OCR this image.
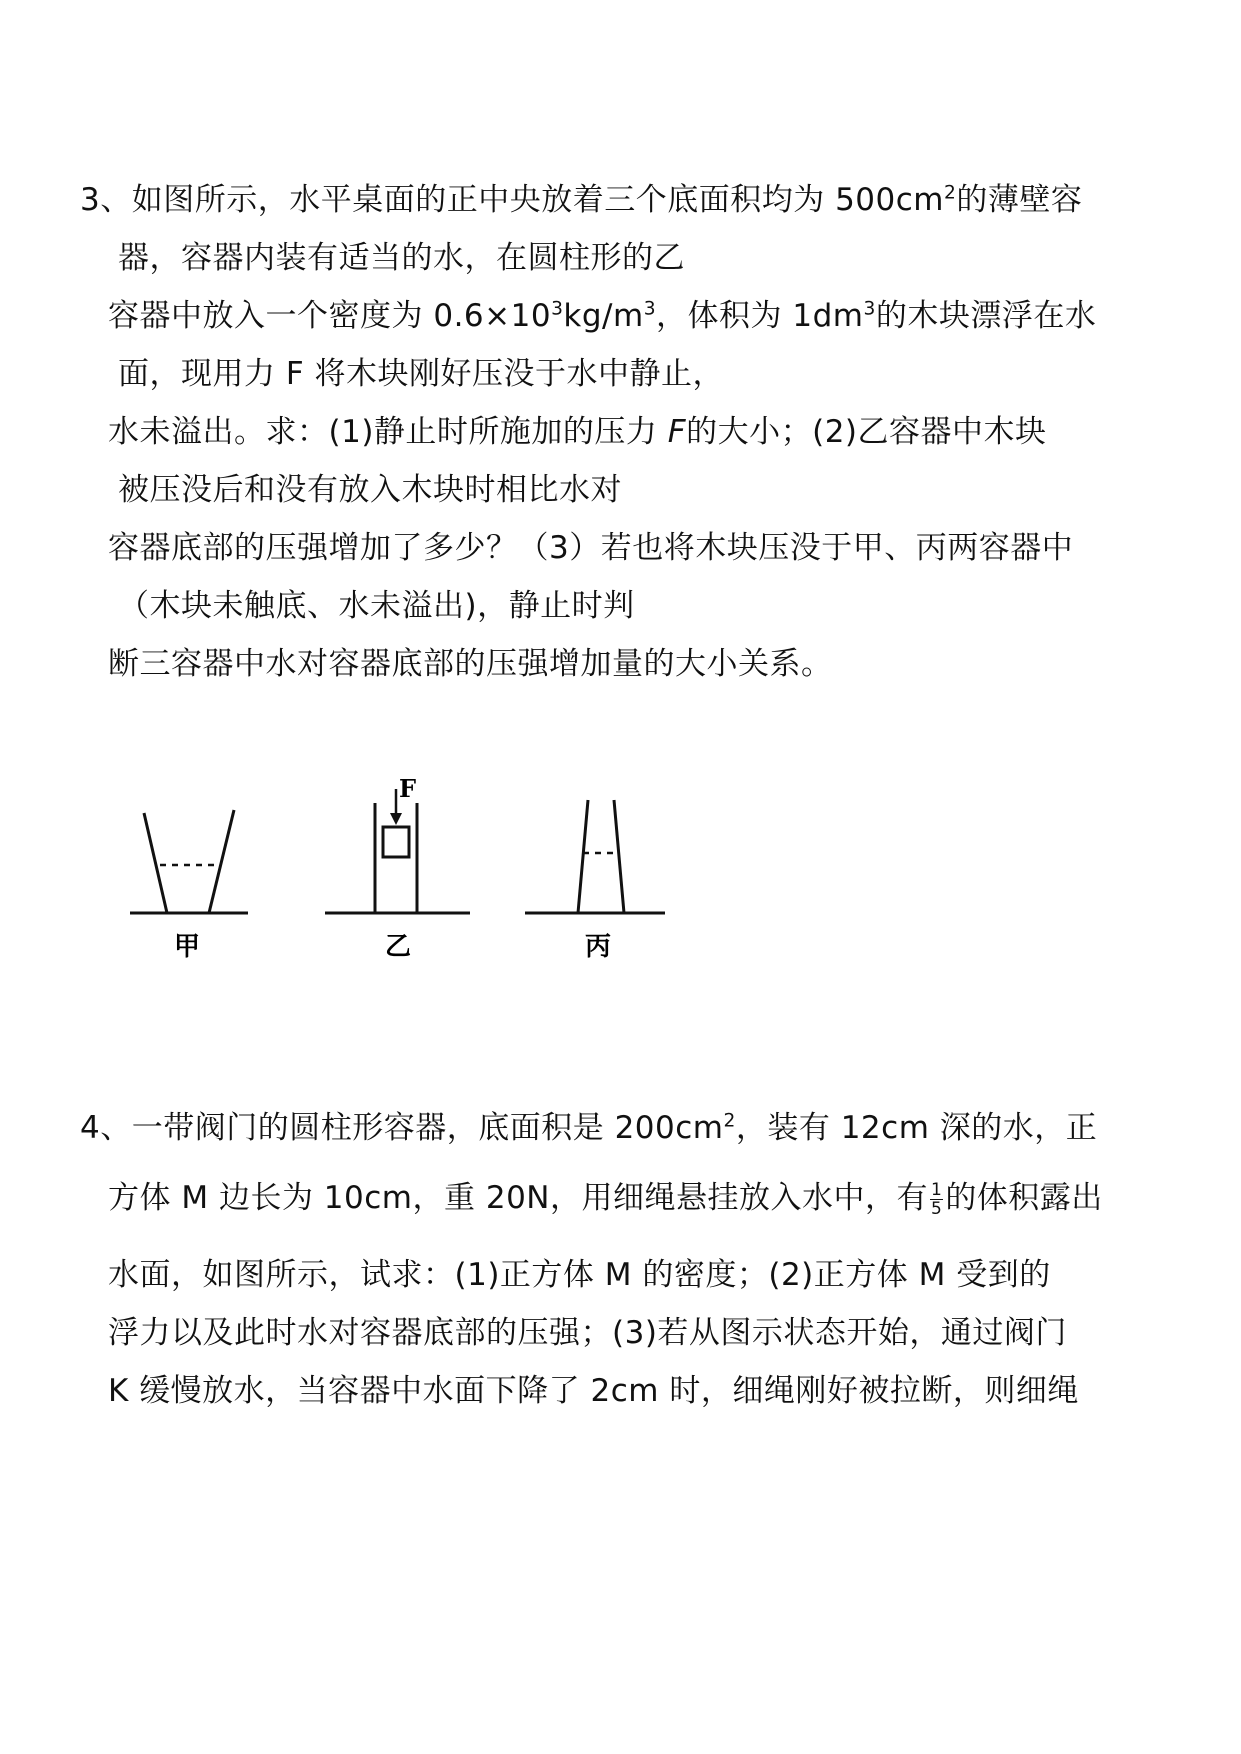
3、如图所示，水平桌面的正中央放着三个底面积均为 $500cm^2$的薄壁容
器，容器内装有适当的水，在圆柱形的乙
容器中放入一个密度为 $0.6\times 10^3kg/m^3$，体积为 $1dm^3$的木块漂浮在水
面，现用力 F 将木块刚好压没于水中静止，
水未溢出。求：(1)静止时所施加的压力 F的大小；(2)乙容器中木块
被压没后和没有放入木块时相比水对
容器底部的压强增加了多少？（3）若也将木块压没于甲、丙两容器中
（木块未触底、水未溢出)，静止时判
断三容器中水对容器底部的压强增加量的大小关系。
F
甲	乙	丙
4、一带阀门的圆柱形容器，底面积是 $200cm^2$，装有 12cm 深的水，正
方体 M 边长为 10cm，重 20N，用细绳悬挂放入水中，有 $\frac{1}{5}$ 的体积露出
水面，如图所示，试求：(1)正方体 M 的密度；(2)正方体 M 受到的
浮力以及此时水对容器底部的压强；(3)若从图示状态开始，通过阀门
K 缓慢放水，当容器中水面下降了 2cm 时，细绳刚好被拉断，则细绳
